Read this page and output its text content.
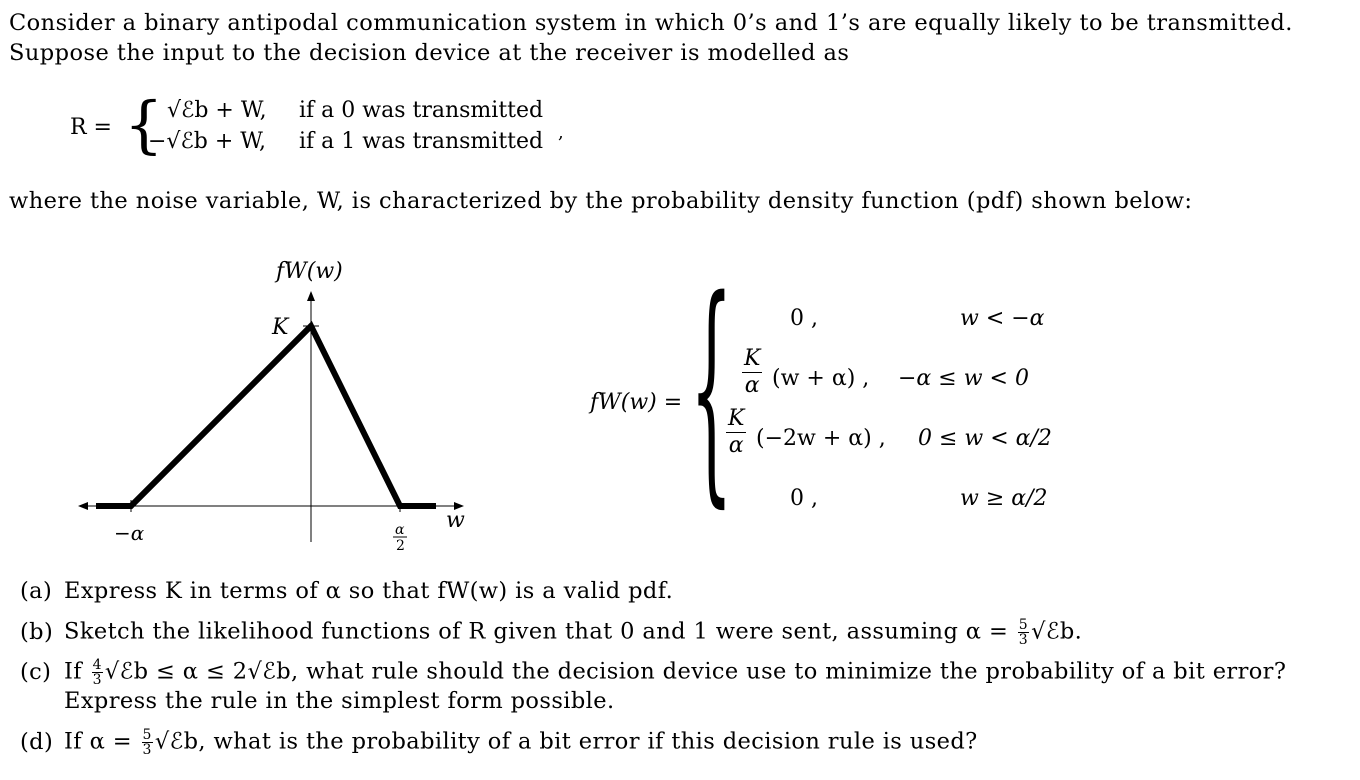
Consider a binary antipodal communication system in which 0’s and 1’s are equally likely to be transmitted.
Suppose the input to the decision device at the receiver is modelled as
R = { √ℰb + W, if a 0 was transmitted
−√ℰb + W, if a 1 was transmitted ,
where the noise variable, W, is characterized by the probability density function (pdf) shown below:
fW(w)
K
w
−α	α
2
fW(w) = {	0 ,	w < −α
$\frac{K}{\alpha} (w + \alpha)$ , −α ≤ w < 0
$\frac{K}{\alpha} (-2w + \alpha)$ , 0 ≤ w < α/2
0 ,	w ≥ α/2
(a) Express K in terms of α so that fW(w) is a valid pdf.
(b) Sketch the likelihood functions of R given that 0 and 1 were sent, assuming $\alpha = \frac{5}{3}$ √ℰb.
(c) If $\frac{4}{3}$ √ℰb ≤ α ≤ 2√ℰb, what rule should the decision device use to minimize the probability of a bit error?
Express the rule in the simplest form possible.
(d) If $\alpha = \frac{5}{3}$ √ℰb, what is the probability of a bit error if this decision rule is used?
